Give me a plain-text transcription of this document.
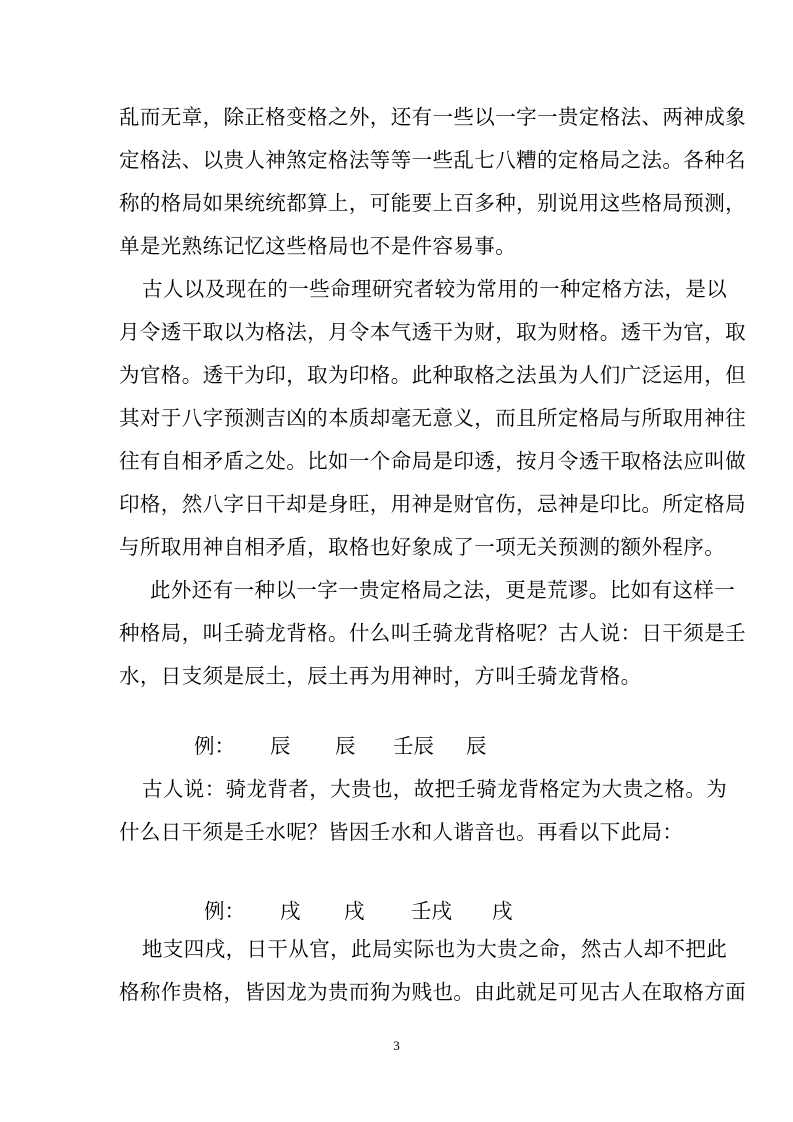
乱而无章，除正格变格之外，还有一些以一字一贵定格法、两神成象
定格法、以贵人神煞定格法等等一些乱七八糟的定格局之法。各种名
称的格局如果统统都算上，可能要上百多种，别说用这些格局预测，
单是光熟练记忆这些格局也不是件容易事。
古人以及现在的一些命理研究者较为常用的一种定格方法，是以
月令透干取以为格法，月令本气透干为财，取为财格。透干为官，取
为官格。透干为印，取为印格。此种取格之法虽为人们广泛运用，但
其对于八字预测吉凶的本质却毫无意义，而且所定格局与所取用神往
往有自相矛盾之处。比如一个命局是印透，按月令透干取格法应叫做
印格，然八字日干却是身旺，用神是财官伤，忌神是印比。所定格局
与所取用神自相矛盾，取格也好象成了一项无关预测的额外程序。
此外还有一种以一字一贵定格局之法，更是荒谬。比如有这样一
种格局，叫壬骑龙背格。什么叫壬骑龙背格呢？古人说：日干须是壬
水，日支须是辰土，辰土再为用神时，方叫壬骑龙背格。
例： 辰 辰 壬辰 辰
古人说：骑龙背者，大贵也，故把壬骑龙背格定为大贵之格。为
什么日干须是壬水呢？皆因壬水和人谐音也。再看以下此局：
例： 戌 戌 壬戌 戌
地支四戌，日干从官，此局实际也为大贵之命，然古人却不把此
格称作贵格，皆因龙为贵而狗为贱也。由此就足可见古人在取格方面
3
